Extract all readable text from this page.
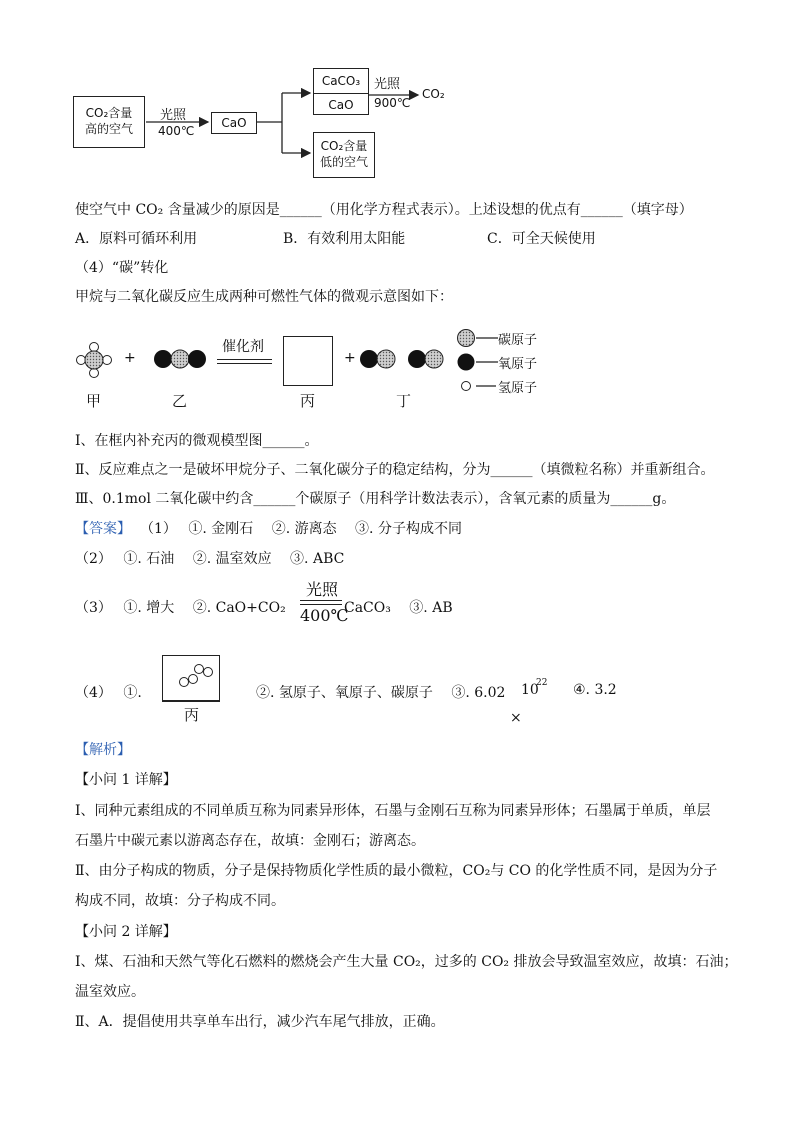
CO₂含量
高的空气
光照
400℃
CaO
CaCO₃
CaO
光照
900℃
CO₂
CO₂含量
低的空气
使空气中 CO₂ 含量减少的原因是______（用化学方程式表示）。上述设想的优点有______（填字母）
A．原料可循环利用	B．有效利用太阳能	C．可全天候使用
（4）“碳”转化
甲烷与二氧化碳反应生成两种可燃性气体的微观示意图如下：
+
催化剂
+
甲	乙	丙	丁
碳原子
氧原子
氢原子
Ⅰ、在框内补充丙的微观模型图______。
Ⅱ、反应难点之一是破坏甲烷分子、二氧化碳分子的稳定结构，分为______（填微粒名称）并重新组合。
Ⅲ、0.1mol 二氧化碳中约含______个碳原子（用科学计数法表示），含氧元素的质量为______g。
【答案】 （1）　 ①. 金刚石　 ②. 游离态　 ③. 分子构成不同
（2）　 ①. 石油　 ②. 温室效应　 ③. ABC
（3）　 ①. 增大　 ②. CaO+CO₂
光照
400℃
CaCO₃　 ③. AB
（4）　 ①.
丙
②. 氢原子、氧原子、碳原子　 ③. 6.02 10
22
×
④. 3.2
【解析】
【小问 1 详解】
Ⅰ、同种元素组成的不同单质互称为同素异形体，石墨与金刚石互称为同素异形体；石墨属于单质，单层
石墨片中碳元素以游离态存在，故填：金刚石；游离态。
Ⅱ、由分子构成的物质，分子是保持物质化学性质的最小微粒，CO₂与 CO 的化学性质不同，是因为分子
构成不同，故填：分子构成不同。
【小问 2 详解】
Ⅰ、煤、石油和天然气等化石燃料的燃烧会产生大量 CO₂，过多的 CO₂ 排放会导致温室效应，故填：石油；
温室效应。
Ⅱ、A．提倡使用共享单车出行，减少汽车尾气排放，正确。
